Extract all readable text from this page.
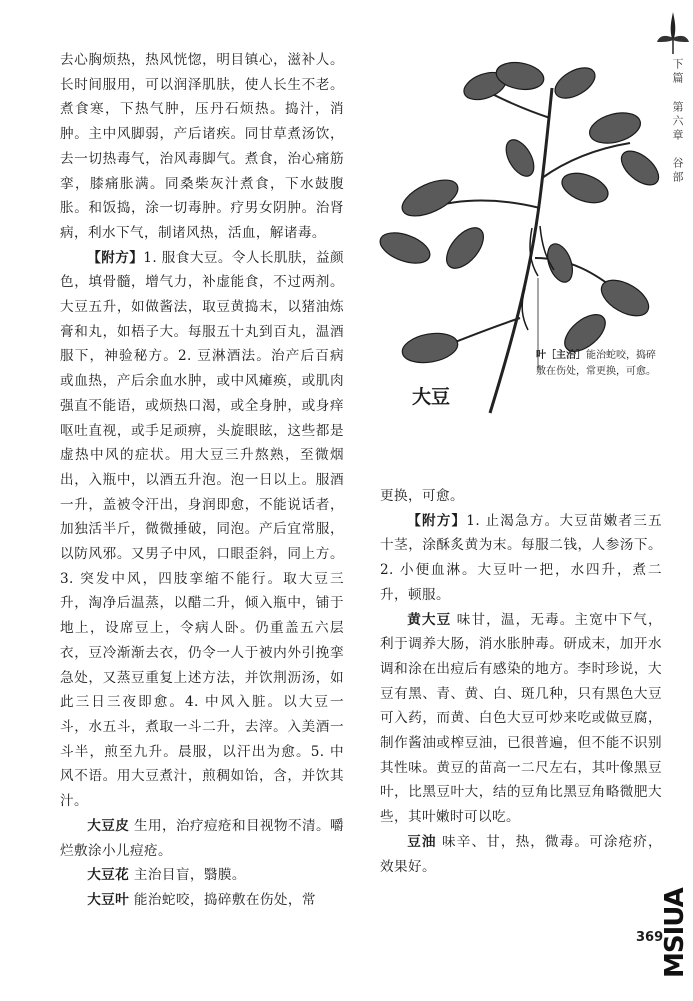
下篇 第六章 谷部

去心胸烦热，热风恍惚，明目镇心，滋补人。长时间服用，可以润泽肌肤，使人长生不老。煮食寒，下热气肿，压丹石烦热。捣汁，消肿。主中风脚弱，产后诸疾。同甘草煮汤饮，去一切热毒气，治风毒脚气。煮食，治心痛筋挛，膝痛胀满。同桑柴灰汁煮食，下水鼓腹胀。和饭捣，涂一切毒肿。疗男女阴肿。治肾病，利水下气，制诸风热，活血，解诸毒。

【附方】1. 服食大豆。令人长肌肤，益颜色，填骨髓，增气力，补虚能食，不过两剂。大豆五升，如做酱法，取豆黄捣末，以猪油炼膏和丸，如梧子大。每服五十丸到百丸，温酒服下，神验秘方。2. 豆淋酒法。治产后百病或血热，产后余血水肿，或中风瘫痪，或肌肉强直不能语，或烦热口渴，或全身肿，或身痒呕吐直视，或手足顽痹，头旋眼眩，这些都是虚热中风的症状。用大豆三升熬熟，至微烟出，入瓶中，以酒五升泡。泡一日以上。服酒一升，盖被令汗出，身润即愈，不能说话者，加独活半斤，微微捶破，同泡。产后宜常服，以防风邪。又男子中风，口眼歪斜，同上方。3. 突发中风，四肢挛缩不能行。取大豆三升，淘净后温蒸，以醋二升，倾入瓶中，铺于地上，设席豆上，令病人卧。仍重盖五六层衣，豆冷渐渐去衣，仍令一人于被内外引挽挛急处，又蒸豆重复上述方法，并饮荆沥汤，如此三日三夜即愈。4. 中风入脏。以大豆一斗，水五斗，煮取一斗二升，去滓。入美酒一斗半，煎至九升。晨服，以汗出为愈。5. 中风不语。用大豆煮汁，煎稠如饴，含，并饮其汁。

大豆皮 生用，治疗痘疮和目视物不清。嚼烂敷涂小儿痘疮。

大豆花 主治目盲，翳膜。

大豆叶 能治蛇咬，捣碎敷在伤处，常

大豆
叶［主治］能治蛇咬，捣碎敷在伤处，常更换，可愈。

更换，可愈。

【附方】1. 止渴急方。大豆苗嫩者三五十茎，涂酥炙黄为末。每服二钱，人参汤下。2. 小便血淋。大豆叶一把，水四升，煮二升，顿服。

黄大豆 味甘，温，无毒。主宽中下气，利于调养大肠，消水胀肿毒。研成末，加开水调和涂在出痘后有感染的地方。李时珍说，大豆有黑、青、黄、白、斑几种，只有黑色大豆可入药，而黄、白色大豆可炒来吃或做豆腐，制作酱油或榨豆油，已很普遍，但不能不识别其性味。黄豆的苗高一二尺左右，其叶像黑豆叶，比黑豆叶大，结的豆角比黑豆角略微肥大些，其叶嫩时可以吃。

豆油 味辛、甘，热，微毒。可涂疮疥，效果好。

369
MSIUA
